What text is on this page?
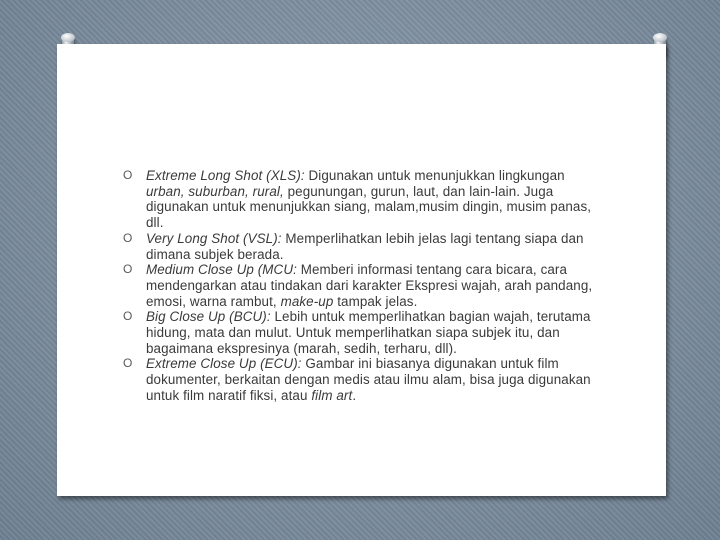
O Extreme Long Shot (XLS): Digunakan untuk menunjukkan lingkungan urban, suburban, rural, pegunungan, gurun, laut, dan lain-lain. Juga digunakan untuk menunjukkan siang, malam,musim dingin, musim panas, dll.
O Very Long Shot (VSL): Memperlihatkan lebih jelas lagi tentang siapa dan dimana subjek berada.
O Medium Close Up (MCU: Memberi informasi tentang cara bicara, cara mendengarkan atau tindakan dari karakter Ekspresi wajah, arah pandang, emosi, warna rambut, make-up tampak jelas.
O Big Close Up (BCU): Lebih untuk memperlihatkan bagian wajah, terutama hidung, mata dan mulut. Untuk memperlihatkan siapa subjek itu, dan bagaimana ekspresinya (marah, sedih, terharu, dll).
O Extreme Close Up (ECU): Gambar ini biasanya digunakan untuk film dokumenter, berkaitan dengan medis atau ilmu alam, bisa juga digunakan untuk film naratif fiksi, atau film art.
